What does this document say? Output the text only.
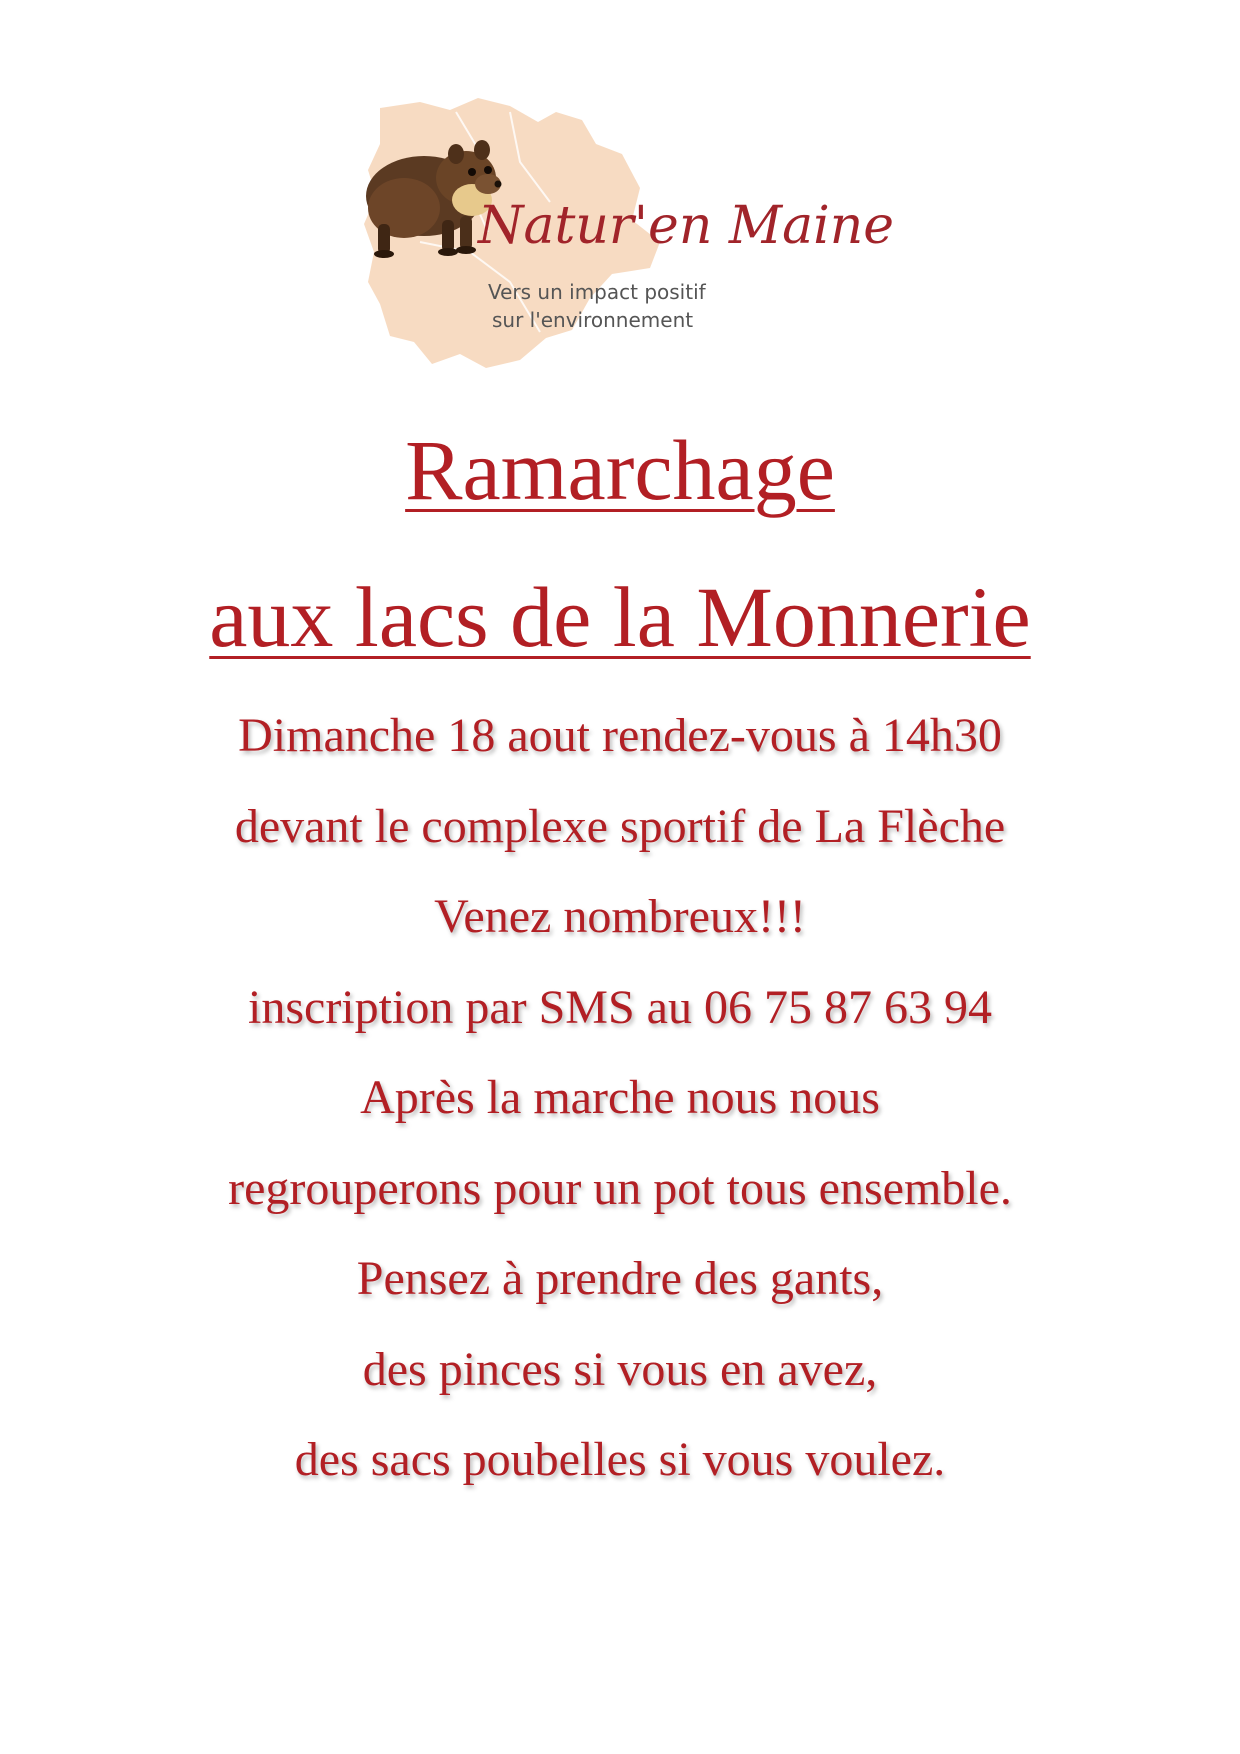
Natur'en Maine
Vers un impact positif
sur l'environnement
Ramarchage
aux lacs de la Monnerie
Dimanche 18 aout rendez-vous à 14h30
devant le complexe sportif de La Flèche
Venez nombreux!!!
inscription par SMS au 06 75 87 63 94
Après la marche nous nous
regrouperons pour un pot tous ensemble.
Pensez à prendre des gants,
des pinces si vous en avez,
des sacs poubelles si vous voulez.
